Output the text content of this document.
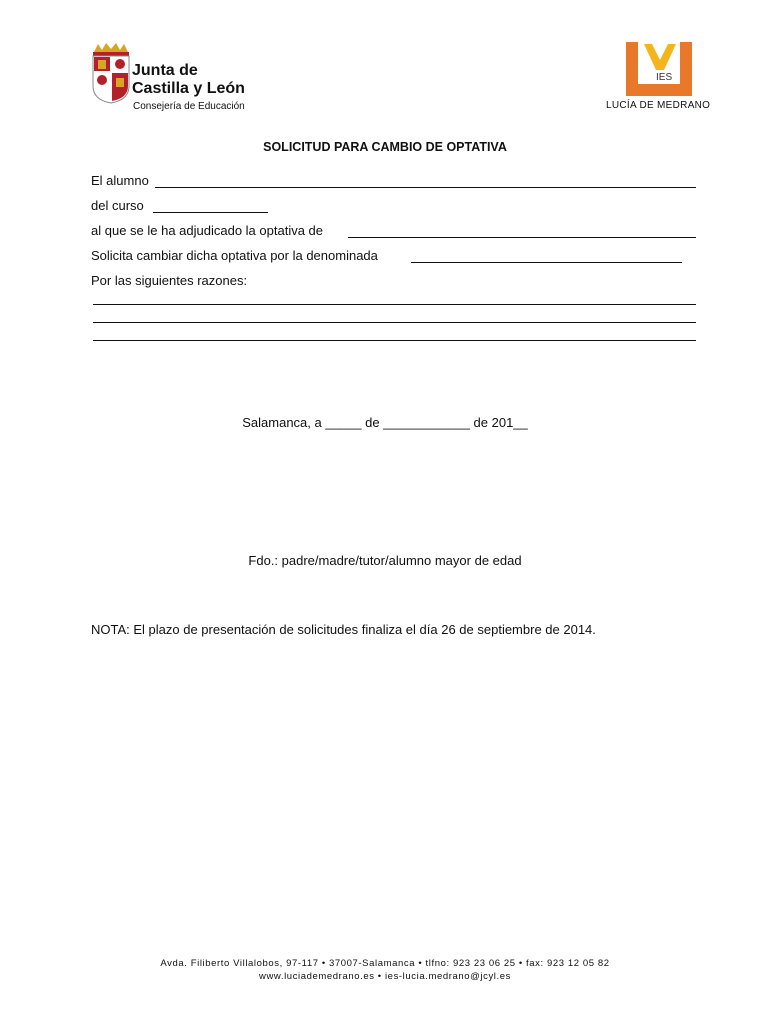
Junta de
Castilla y León
Consejería de Educación
IES
LUCÍA DE MEDRANO
SOLICITUD PARA CAMBIO DE OPTATIVA
El alumno
del curso
al que se le ha adjudicado la optativa de
Solicita cambiar dicha optativa por la denominada
Por las siguientes razones:
Salamanca, a _____ de ____________ de 201__
Fdo.: padre/madre/tutor/alumno mayor de edad
NOTA: El plazo de presentación de solicitudes finaliza el día 26 de septiembre de 2014.
Avda. Filiberto Villalobos, 97-117 • 37007-Salamanca • tlfno: 923 23 06 25 • fax: 923 12 05 82
www.luciademedrano.es • ies-lucia.medrano@jcyl.es
